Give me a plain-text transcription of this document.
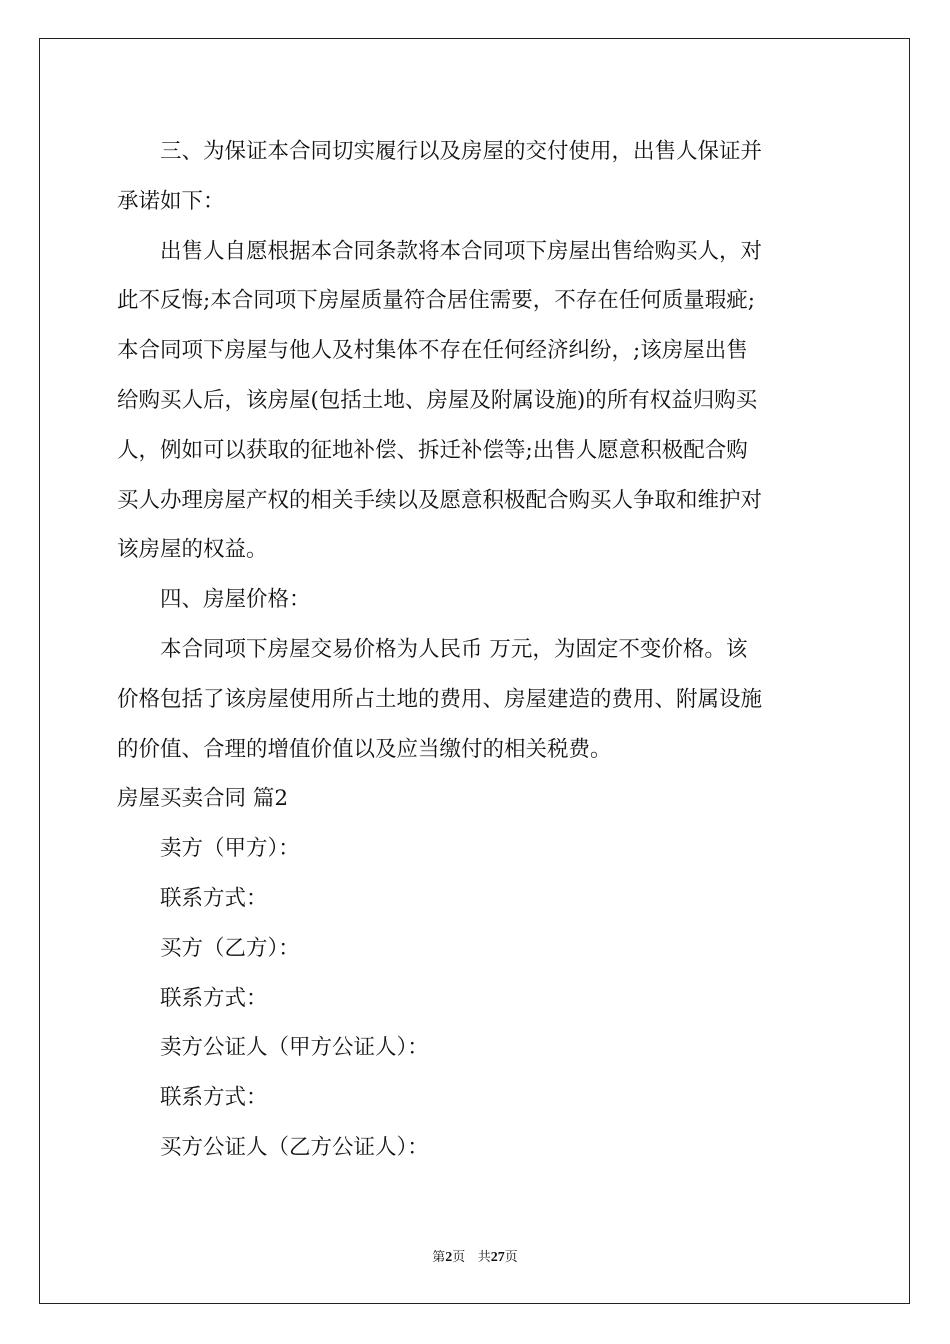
三、为保证本合同切实履行以及房屋的交付使用，出售人保证并
承诺如下：
出售人自愿根据本合同条款将本合同项下房屋出售给购买人，对
此不反悔;本合同项下房屋质量符合居住需要，不存在任何质量瑕疵;
本合同项下房屋与他人及村集体不存在任何经济纠纷，;该房屋出售
给购买人后，该房屋(包括土地、房屋及附属设施)的所有权益归购买
人，例如可以获取的征地补偿、拆迁补偿等;出售人愿意积极配合购
买人办理房屋产权的相关手续以及愿意积极配合购买人争取和维护对
该房屋的权益。

四、房屋价格：

本合同项下房屋交易价格为人民币 万元，为固定不变价格。该
价格包括了该房屋使用所占土地的费用、房屋建造的费用、附属设施
的价值、合理的增值价值以及应当缴付的相关税费。

房屋买卖合同 篇2

卖方（甲方）：

联系方式：

买方（乙方）：

联系方式：

卖方公证人（甲方公证人）：

联系方式：

买方公证人（乙方公证人）：

第2页 共27页
